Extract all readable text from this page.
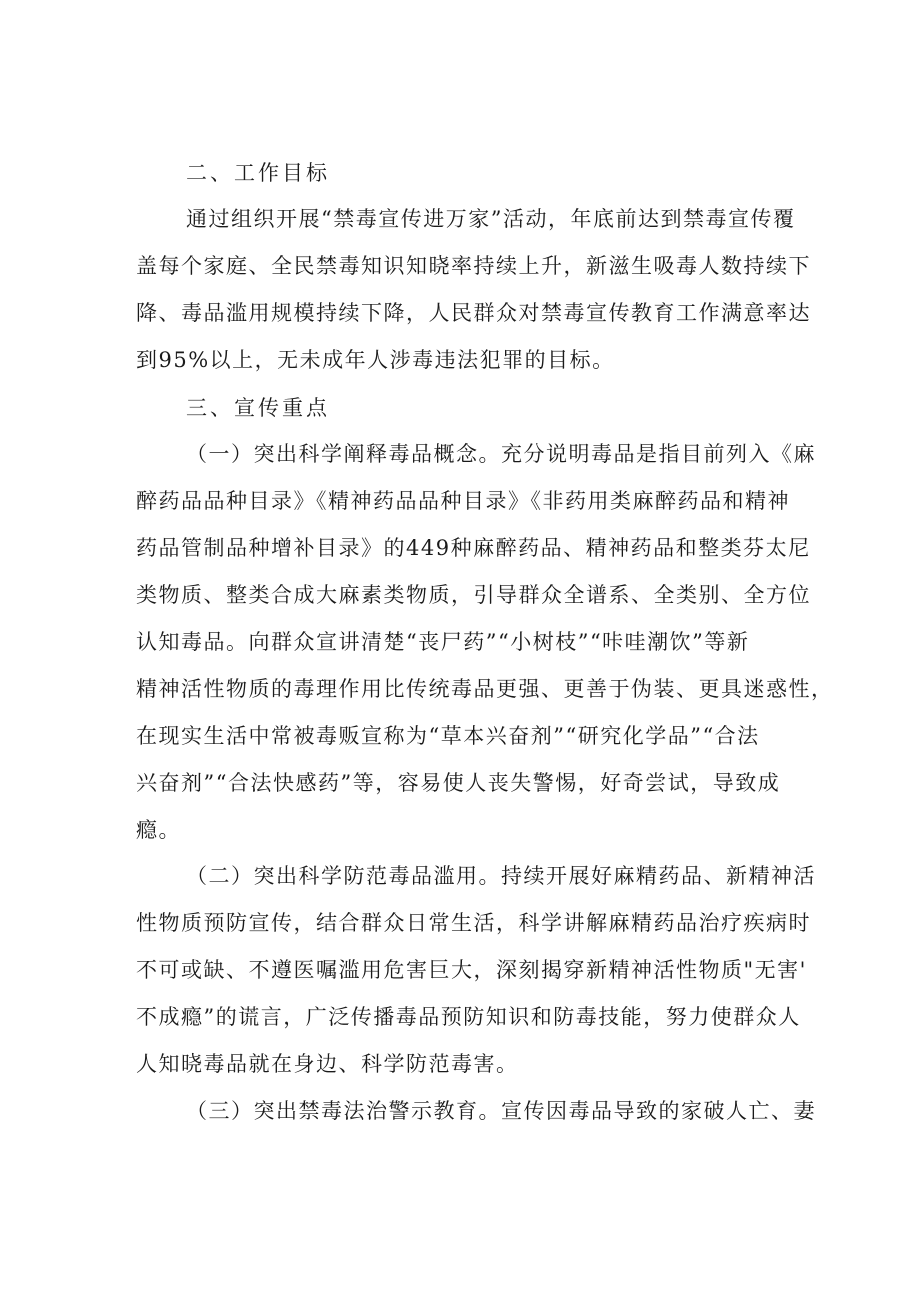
二、工作目标
通过组织开展“禁毒宣传进万家”活动，年底前达到禁毒宣传覆
盖每个家庭、全民禁毒知识知晓率持续上升，新滋生吸毒人数持续下
降、毒品滥用规模持续下降，人民群众对禁毒宣传教育工作满意率达
到95%以上，无未成年人涉毒违法犯罪的目标。
三、宣传重点
（一）突出科学阐释毒品概念。充分说明毒品是指目前列入《麻
醉药品品种目录》《精神药品品种目录》《非药用类麻醉药品和精神
药品管制品种增补目录》的449种麻醉药品、精神药品和整类芬太尼
类物质、整类合成大麻素类物质，引导群众全谱系、全类别、全方位
认知毒品。向群众宣讲清楚“丧尸药”“小树枝”“咔哇潮饮”等新
精神活性物质的毒理作用比传统毒品更强、更善于伪装、更具迷惑性，
在现实生活中常被毒贩宣称为“草本兴奋剂”“研究化学品”“合法
兴奋剂”“合法快感药”等，容易使人丧失警惕，好奇尝试，导致成
瘾。
（二）突出科学防范毒品滥用。持续开展好麻精药品、新精神活
性物质预防宣传，结合群众日常生活，科学讲解麻精药品治疗疾病时
不可或缺、不遵医嘱滥用危害巨大，深刻揭穿新精神活性物质"无害'
不成瘾”的谎言，广泛传播毒品预防知识和防毒技能，努力使群众人
人知晓毒品就在身边、科学防范毒害。
（三）突出禁毒法治警示教育。宣传因毒品导致的家破人亡、妻
